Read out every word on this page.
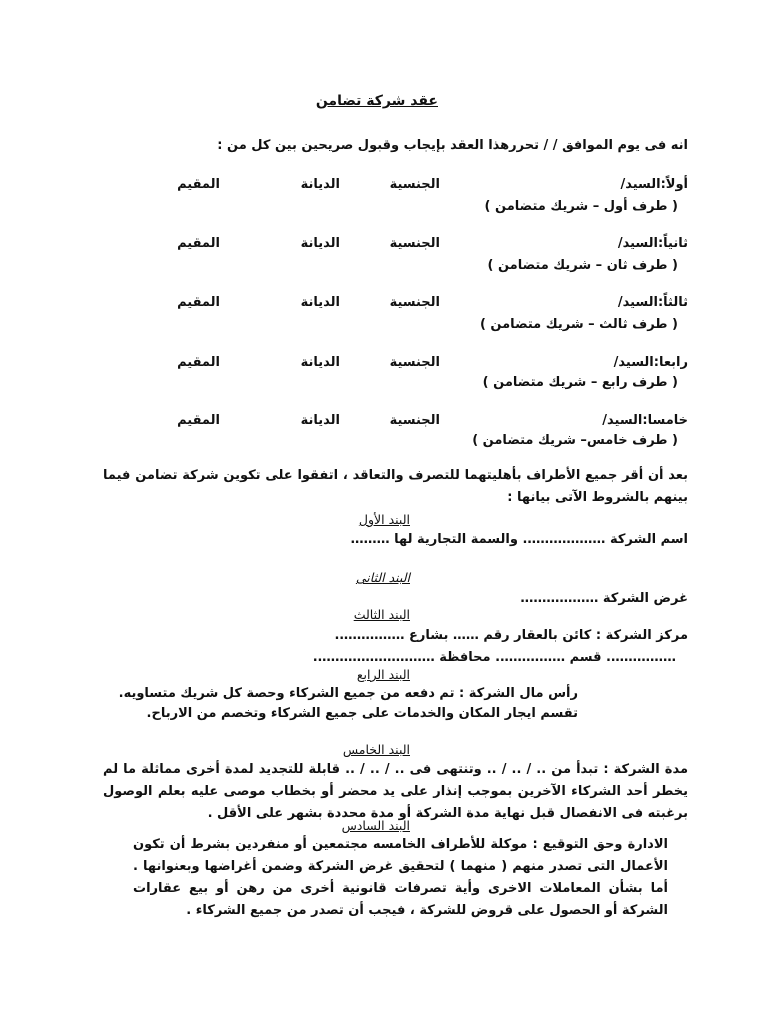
عقد شركة تضامن
انه فى يوم الموافق / / تحررهذا العقد بإيجاب وقبول صريحين بين كل من :
أولاً:السيد/
الجنسية
الديانة
المقيم
( طرف أول – شريك متضامن )
ثانياً:السيد/
الجنسية
الديانة
المقيم
( طرف ثان – شريك متضامن )
ثالثاً:السيد/
الجنسية
الديانة
المقيم
( طرف ثالث – شريك متضامن )
رابعا:السيد/
الجنسية
الديانة
المقيم
( طرف رابع – شريك متضامن )
خامسا:السيد/
الجنسية
الديانة
المقيم
( طرف خامس– شريك متضامن )
بعد أن أقر جميع الأطراف بأهليتهما للتصرف والتعاقد ، اتفقوا على تكوين شركة تضامن فيما بينهم بالشروط الآتى بيانها :
البند الأول
اسم الشركة ………………. والسمة التجارية لها ………
البند الثانى
غرض الشركة ………………
البند الثالث
مركز الشركة : كائن بالعقار رقم …… بشارع …………….
……………. قسم ……………. محافظة ……………………….
البند الرابع
رأس مال الشركة : تم دفعه من جميع الشركاء وحصة كل شريك متساويه.
تقسم ايجار المكان والخدمات على جميع الشركاء وتخصم من الارباح.
البند الخامس
مدة الشركة : تبدأ من .. / .. / .. وتنتهى فى .. / .. / .. قابلة للتجديد لمدة أخرى مماثلة ما لم يخطر أحد الشركاء الآخرين بموجب إنذار على يد محضر أو بخطاب موصى عليه بعلم الوصول برغبته فى الانفصال قبل نهاية مدة الشركة أو مدة محددة بشهر على الأقل .
البند السادس
الادارة وحق التوقيع : موكلة للأطراف الخامسه مجتمعين أو منفردين بشرط أن تكون الأعمال التى تصدر منهم ( منهما ) لتحقيق غرض الشركة وضمن أغراضها وبعنوانها . أما بشأن المعاملات الاخرى وأية تصرفات قانونية أخرى من رهن أو بيع عقارات الشركة أو الحصول على قروض للشركة ، فيجب أن تصدر من جميع الشركاء .
